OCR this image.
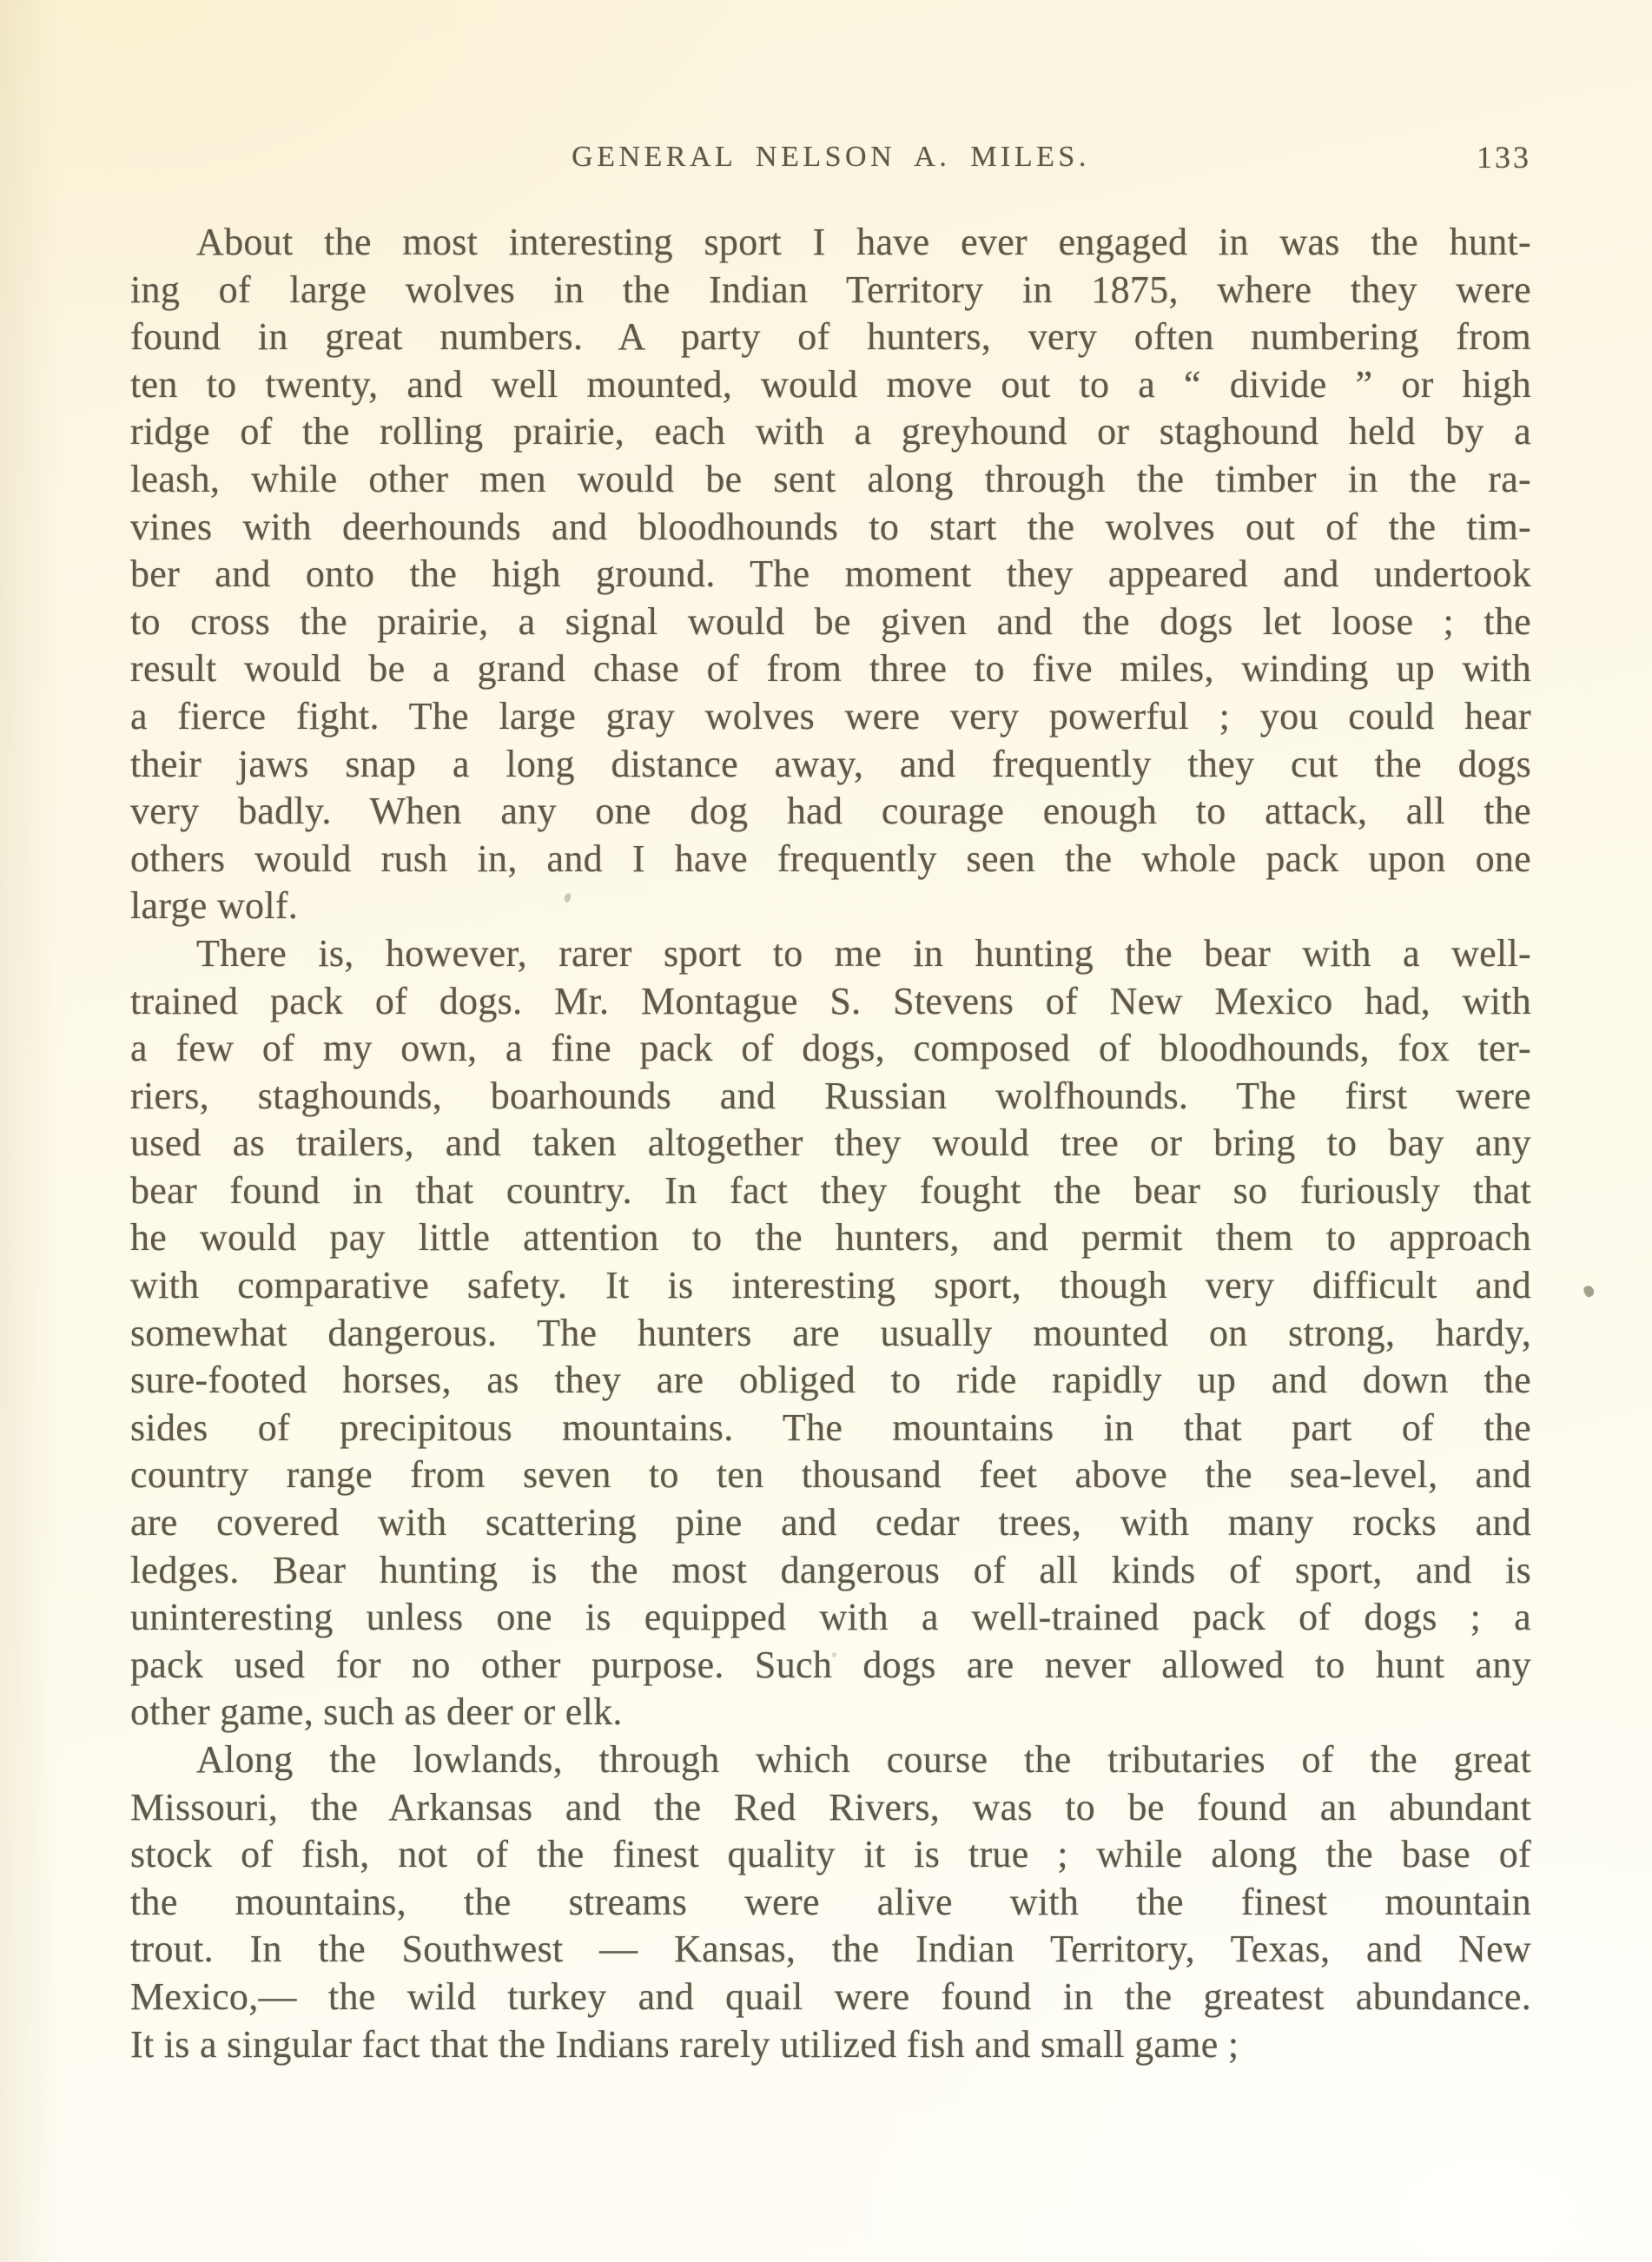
GENERAL NELSON A. MILES.	133
About the most interesting sport I have ever engaged in was the hunt-
ing of large wolves in the Indian Territory in 1875, where they were
found in great numbers. A party of hunters, very often numbering from
ten to twenty, and well mounted, would move out to a “ divide ” or high
ridge of the rolling prairie, each with a greyhound or staghound held by a
leash, while other men would be sent along through the timber in the ra-
vines with deerhounds and bloodhounds to start the wolves out of the tim-
ber and onto the high ground. The moment they appeared and undertook
to cross the prairie, a signal would be given and the dogs let loose ; the
result would be a grand chase of from three to five miles, winding up with
a fierce fight. The large gray wolves were very powerful ; you could hear
their jaws snap a long distance away, and frequently they cut the dogs
very badly. When any one dog had courage enough to attack, all the
others would rush in, and I have frequently seen the whole pack upon one
large wolf.
There is, however, rarer sport to me in hunting the bear with a well-
trained pack of dogs. Mr. Montague S. Stevens of New Mexico had, with
a few of my own, a fine pack of dogs, composed of bloodhounds, fox ter-
riers, staghounds, boarhounds and Russian wolfhounds. The first were
used as trailers, and taken altogether they would tree or bring to bay any
bear found in that country. In fact they fought the bear so furiously that
he would pay little attention to the hunters, and permit them to approach
with comparative safety. It is interesting sport, though very difficult and
somewhat dangerous. The hunters are usually mounted on strong, hardy,
sure-footed horses, as they are obliged to ride rapidly up and down the
sides of precipitous mountains. The mountains in that part of the
country range from seven to ten thousand feet above the sea-level, and
are covered with scattering pine and cedar trees, with many rocks and
ledges. Bear hunting is the most dangerous of all kinds of sport, and is
uninteresting unless one is equipped with a well-trained pack of dogs ; a
pack used for no other purpose. Such dogs are never allowed to hunt any
other game, such as deer or elk.
Along the lowlands, through which course the tributaries of the great
Missouri, the Arkansas and the Red Rivers, was to be found an abundant
stock of fish, not of the finest quality it is true ; while along the base of
the mountains, the streams were alive with the finest mountain
trout. In the Southwest — Kansas, the Indian Territory, Texas, and New
Mexico,— the wild turkey and quail were found in the greatest abundance.
It is a singular fact that the Indians rarely utilized fish and small game ;
